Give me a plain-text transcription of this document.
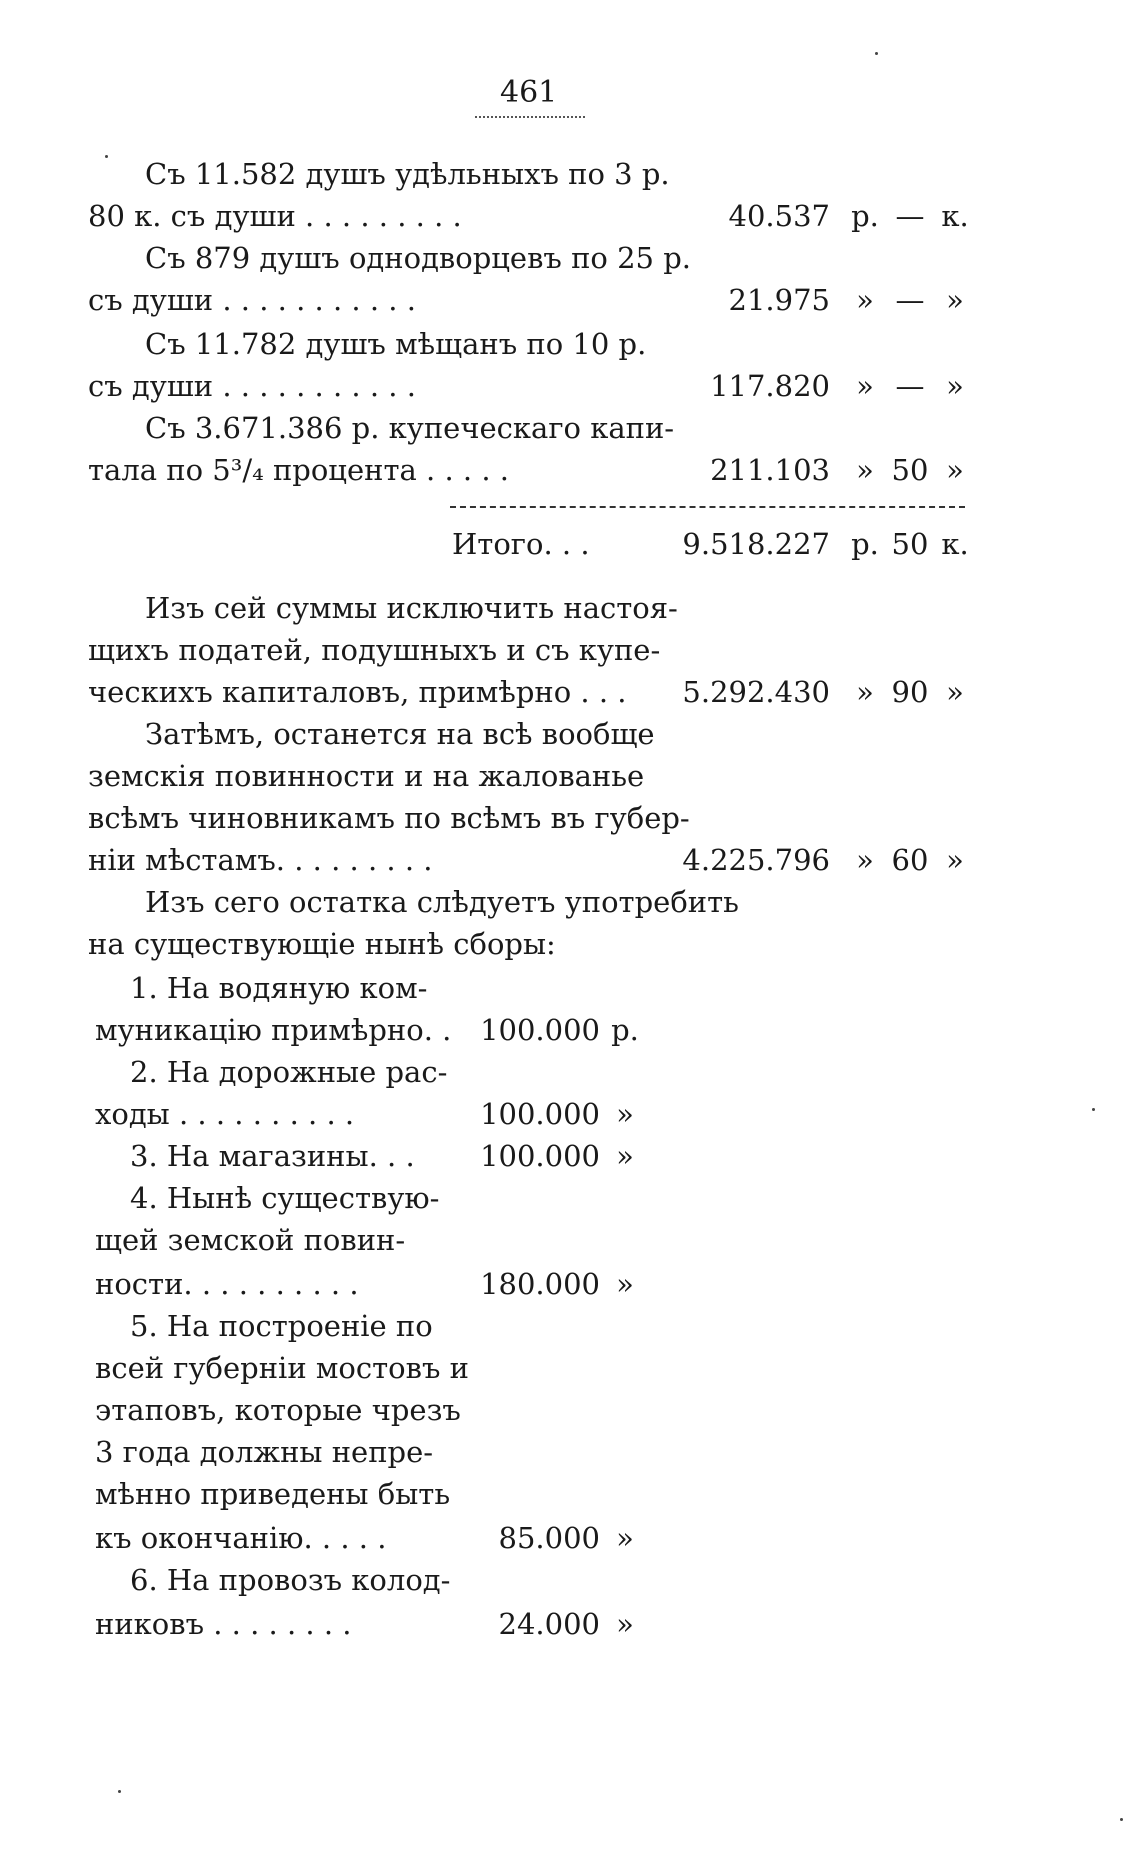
461
Съ 11.582 душъ удѣльныхъ по 3 р.
80 к. съ души . . . . . . . . .	40.537 р. — к.
Съ 879 душъ однодворцевъ по 25 р.
съ души . . . . . . . . . . .	21.975 » — »
Съ 11.782 душъ мѣщанъ по 10 р.
съ души . . . . . . . . . . .	117.820 » — »
Съ 3.671.386 р. купеческаго капи-
тала по 5³/₄ процента . . . . .	211.103 » 50 »
Итого. . .	9.518.227 р. 50 к.
Изъ сей суммы исключить настоя-
щихъ податей, подушныхъ и съ купе-
ческихъ капиталовъ, примѣрно . . . 5.292.430 » 90 »
Затѣмъ, останется на всѣ вообще
земскія повинности и на жалованье
всѣмъ чиновникамъ по всѣмъ въ губер-
ніи мѣстамъ. . . . . . . . .	4.225.796 » 60 »
Изъ сего остатка слѣдуетъ употребить
на существующіе нынѣ сборы:
1. На водяную ком-
муникацію примѣрно. . 100.000 р.
2. На дорожные рас-
ходы . . . . . . . . . .	100.000 »
3. На магазины. . .	100.000 »
4. Нынѣ существую-
щей земской повин-
ности. . . . . . . . . .	180.000 »
5. На построеніе по
всей губерніи мостовъ и
этаповъ, которые чрезъ
3 года должны непре-
мѣнно приведены быть
къ окончанію. . . . .	85.000 »
6. На провозъ колод-
никовъ . . . . . . . .	24.000 »
